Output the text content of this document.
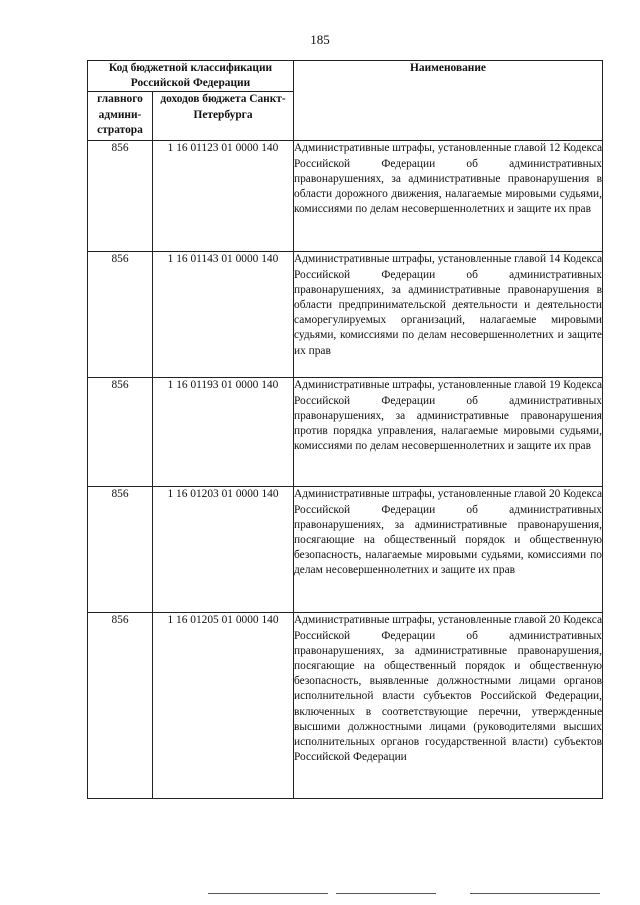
185
Код бюджетной классификации Российской Федерации		Наименование
главного админи-стратора	доходов бюджета Санкт-Петербурга	
856	1 16 01123 01 0000 140	Административные штрафы, установленные главой 12 Кодекса Российской Федерации об административных правонарушениях, за административные правонарушения в области дорожного движения, налагаемые мировыми судьями, комиссиями по делам несовершеннолетних и защите их прав
856	1 16 01143 01 0000 140	Административные штрафы, установленные главой 14 Кодекса Российской Федерации об административных правонарушениях, за административные правонарушения в области предпринимательской деятельности и деятельности саморегулируемых организаций, налагаемые мировыми судьями, комиссиями по делам несовершеннолетних и защите их прав
856	1 16 01193 01 0000 140	Административные штрафы, установленные главой 19 Кодекса Российской Федерации об административных правонарушениях, за административные правонарушения против порядка управления, налагаемые мировыми судьями, комиссиями по делам несовершеннолетних и защите их прав
856	1 16 01203 01 0000 140	Административные штрафы, установленные главой 20 Кодекса Российской Федерации об административных правонарушениях, за административные правонарушения, посягающие на общественный порядок и общественную безопасность, налагаемые мировыми судьями, комиссиями по делам несовершеннолетних и защите их прав
856	1 16 01205 01 0000 140	Административные штрафы, установленные главой 20 Кодекса Российской Федерации об административных правонарушениях, за административные правонарушения, посягающие на общественный порядок и общественную безопасность, выявленные должностными лицами органов исполнительной власти субъектов Российской Федерации, включенных в соответствующие перечни, утвержденные высшими должностными лицами (руководителями высших исполнительных органов государственной власти) субъектов Российской Федерации
